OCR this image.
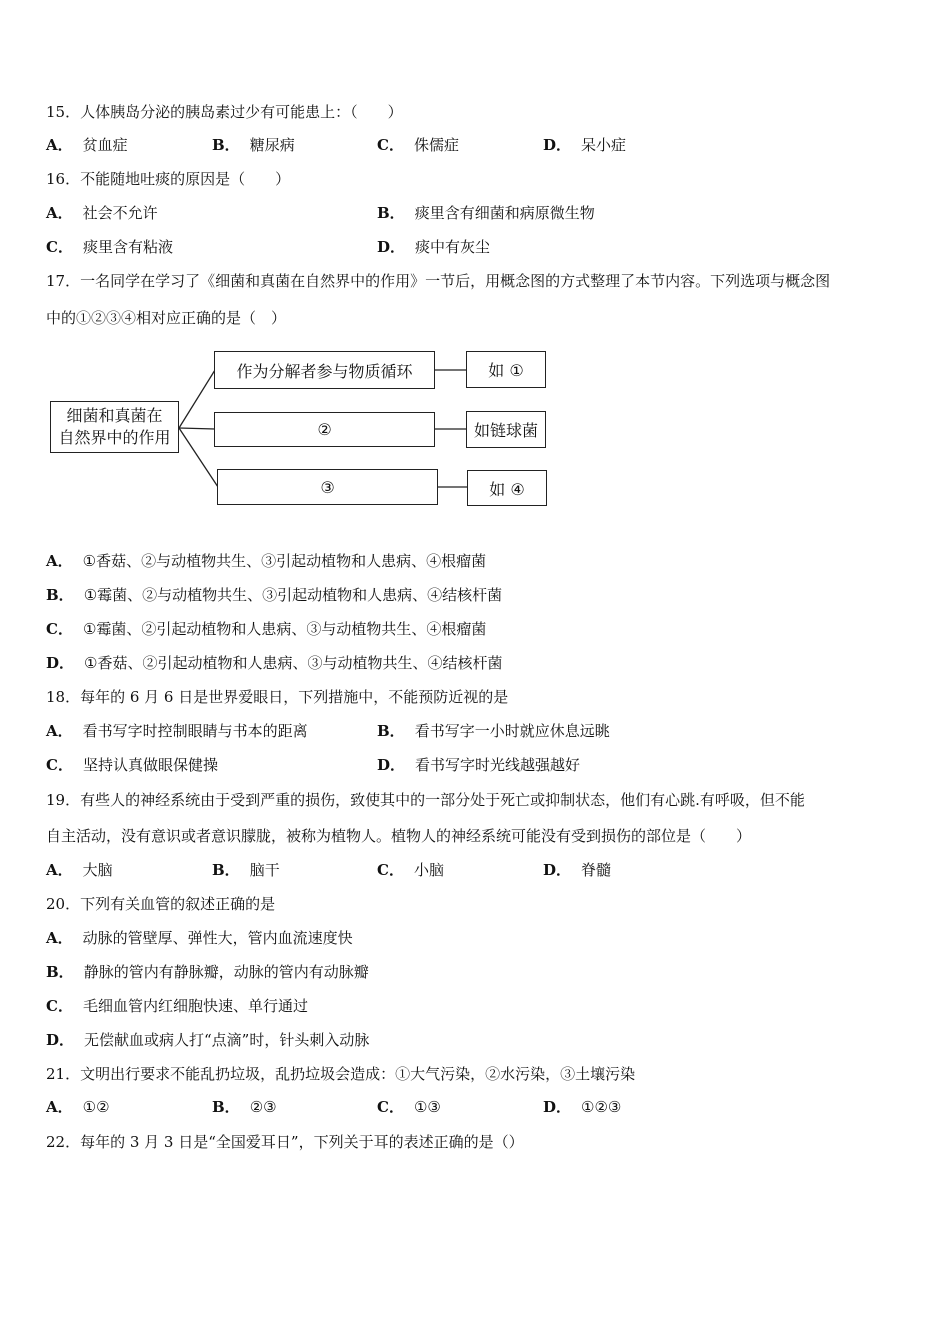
15．人体胰岛分泌的胰岛素过少有可能患上：（　　）
A． 贫血症	B． 糖尿病	C． 侏儒症	D． 呆小症
16．不能随地吐痰的原因是（　　）
A． 社会不允许	B． 痰里含有细菌和病原微生物
C． 痰里含有粘液	D． 痰中有灰尘
17．一名同学在学习了《细菌和真菌在自然界中的作用》一节后，用概念图的方式整理了本节内容。下列选项与概念图
中的①②③④相对应正确的是（　）
细菌和真菌在
自然界中的作用
作为分解者参与物质循环
②
③
如 ①
如链球菌
如 ④
A． ①香菇、②与动植物共生、③引起动植物和人患病、④根瘤菌
B． ①霉菌、②与动植物共生、③引起动植物和人患病、④结核杆菌
C． ①霉菌、②引起动植物和人患病、③与动植物共生、④根瘤菌
D． ①香菇、②引起动植物和人患病、③与动植物共生、④结核杆菌
18．每年的 6 月 6 日是世界爱眼日，下列措施中，不能预防近视的是
A． 看书写字时控制眼睛与书本的距离	B． 看书写字一小时就应休息远眺
C． 坚持认真做眼保健操	D． 看书写字时光线越强越好
19．有些人的神经系统由于受到严重的损伤，致使其中的一部分处于死亡或抑制状态，他们有心跳.有呼吸，但不能
自主活动，没有意识或者意识朦胧，被称为植物人。植物人的神经系统可能没有受到损伤的部位是（　　）
A． 大脑	B． 脑干	C． 小脑	D． 脊髓
20．下列有关血管的叙述正确的是
A． 动脉的管壁厚、弹性大，管内血流速度快
B． 静脉的管内有静脉瓣，动脉的管内有动脉瓣
C． 毛细血管内红细胞快速、单行通过
D． 无偿献血或病人打“点滴”时，针头刺入动脉
21．文明出行要求不能乱扔垃圾，乱扔垃圾会造成：①大气污染，②水污染，③土壤污染
A． ①②	B． ②③	C． ①③	D． ①②③
22．每年的 3 月 3 日是“全国爱耳日”，下列关于耳的表述正确的是（）
